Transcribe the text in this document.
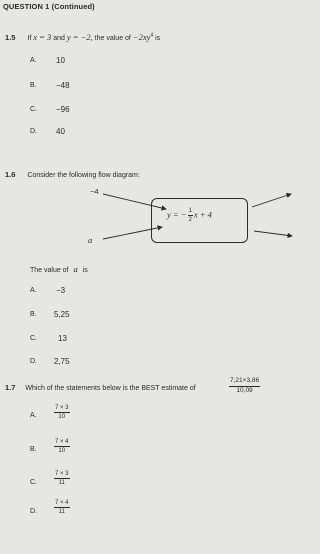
QUESTION 1 (Continued)
1.5 If x = 3 and y = −2, the value of $-2xy^4$ is
A. 10
B. −48
C. −96
D. 40
1.6 Consider the following flow diagram:
y = − $\frac{1}{2}$ x + 4
−4
a
The value of a is
A. −3
B. 5,25
C.	13
D. 2,75
1.7 Which of the statements below is the BEST estimate of	$\frac{7,21\times 3,86}{10,09}$
A.	$\frac{7 \times 3}{10}$
B.	$\frac{7 \times 4}{10}$
C.	$\frac{7 \times 3}{11}$
D.	$\frac{7 \times 4}{11}$
